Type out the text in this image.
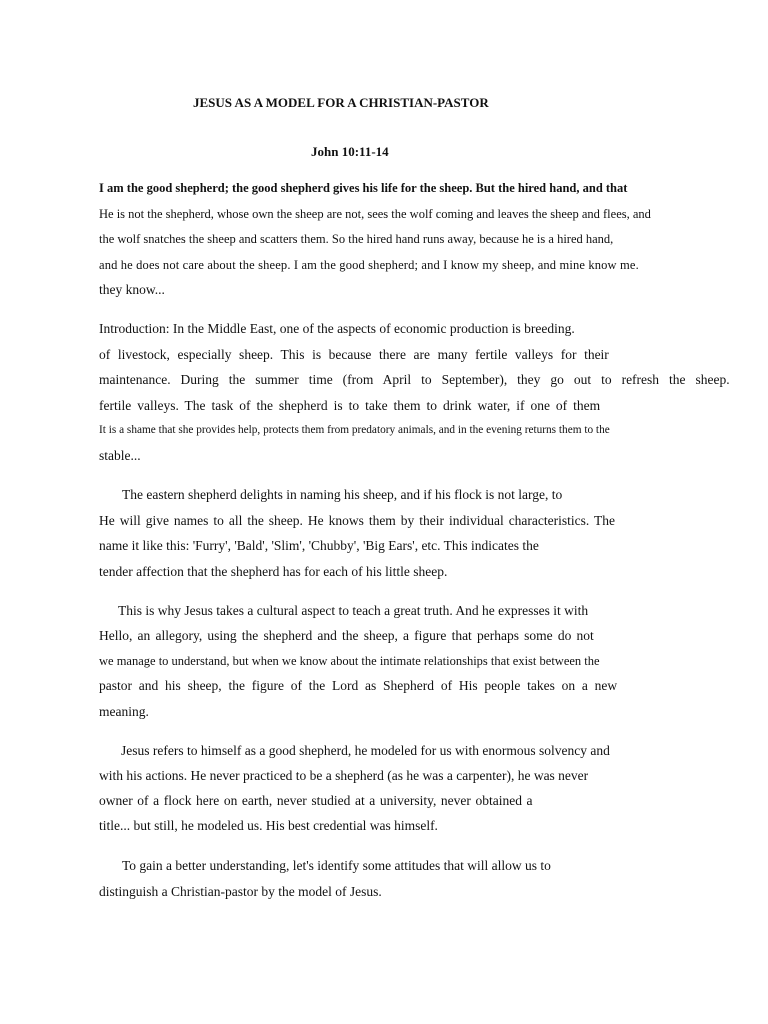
JESUS AS A MODEL FOR A CHRISTIAN-PASTOR
John 10:11-14
I am the good shepherd; the good shepherd gives his life for the sheep. But the hired hand, and that
He is not the shepherd, whose own the sheep are not, sees the wolf coming and leaves the sheep and flees, and
the wolf snatches the sheep and scatters them. So the hired hand runs away, because he is a hired hand,
and he does not care about the sheep. I am the good shepherd; and I know my sheep, and mine know me.
they know...
Introduction: In the Middle East, one of the aspects of economic production is breeding.
of livestock, especially sheep. This is because there are many fertile valleys for their
maintenance. During the summer time (from April to September), they go out to refresh the sheep.
fertile valleys. The task of the shepherd is to take them to drink water, if one of them
It is a shame that she provides help, protects them from predatory animals, and in the evening returns them to the
stable...
The eastern shepherd delights in naming his sheep, and if his flock is not large, to
He will give names to all the sheep. He knows them by their individual characteristics. The
name it like this: 'Furry', 'Bald', 'Slim', 'Chubby', 'Big Ears', etc. This indicates the
tender affection that the shepherd has for each of his little sheep.
This is why Jesus takes a cultural aspect to teach a great truth. And he expresses it with
Hello, an allegory, using the shepherd and the sheep, a figure that perhaps some do not
we manage to understand, but when we know about the intimate relationships that exist between the
pastor and his sheep, the figure of the Lord as Shepherd of His people takes on a new
meaning.
Jesus refers to himself as a good shepherd, he modeled for us with enormous solvency and
with his actions. He never practiced to be a shepherd (as he was a carpenter), he was never
owner of a flock here on earth, never studied at a university, never obtained a
title... but still, he modeled us. His best credential was himself.
To gain a better understanding, let's identify some attitudes that will allow us to
distinguish a Christian-pastor by the model of Jesus.
